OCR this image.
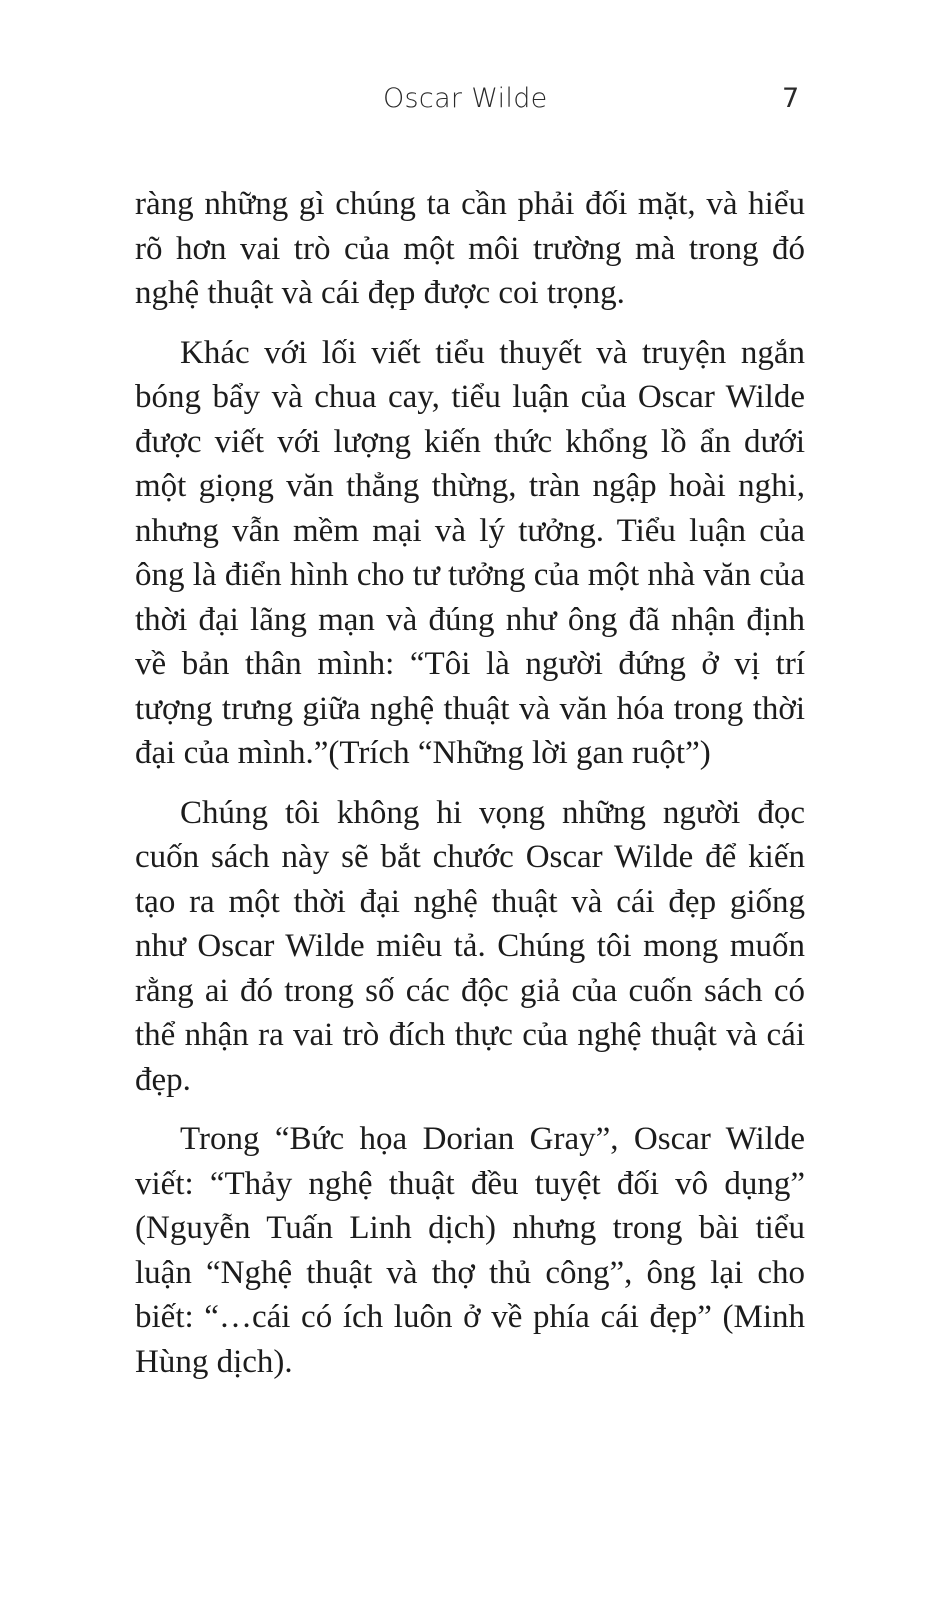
Oscar Wilde	7

ràng những gì chúng ta cần phải đối mặt, và hiểu rõ hơn vai trò của một môi trường mà trong đó nghệ thuật và cái đẹp được coi trọng.

Khác với lối viết tiểu thuyết và truyện ngắn bóng bẩy và chua cay, tiểu luận của Oscar Wilde được viết với lượng kiến thức khổng lồ ẩn dưới một giọng văn thẳng thừng, tràn ngập hoài nghi, nhưng vẫn mềm mại và lý tưởng. Tiểu luận của ông là điển hình cho tư tưởng của một nhà văn của thời đại lãng mạn và đúng như ông đã nhận định về bản thân mình: “Tôi là người đứng ở vị trí tượng trưng giữa nghệ thuật và văn hóa trong thời đại của mình.”(Trích “Những lời gan ruột”)

Chúng tôi không hi vọng những người đọc cuốn sách này sẽ bắt chước Oscar Wilde để kiến tạo ra một thời đại nghệ thuật và cái đẹp giống như Oscar Wilde miêu tả. Chúng tôi mong muốn rằng ai đó trong số các độc giả của cuốn sách có thể nhận ra vai trò đích thực của nghệ thuật và cái đẹp.

Trong “Bức họa Dorian Gray”, Oscar Wilde viết: “Thảy nghệ thuật đều tuyệt đối vô dụng” (Nguyễn Tuấn Linh dịch) nhưng trong bài tiểu luận “Nghệ thuật và thợ thủ công”, ông lại cho biết: “…cái có ích luôn ở về phía cái đẹp” (Minh Hùng dịch).
